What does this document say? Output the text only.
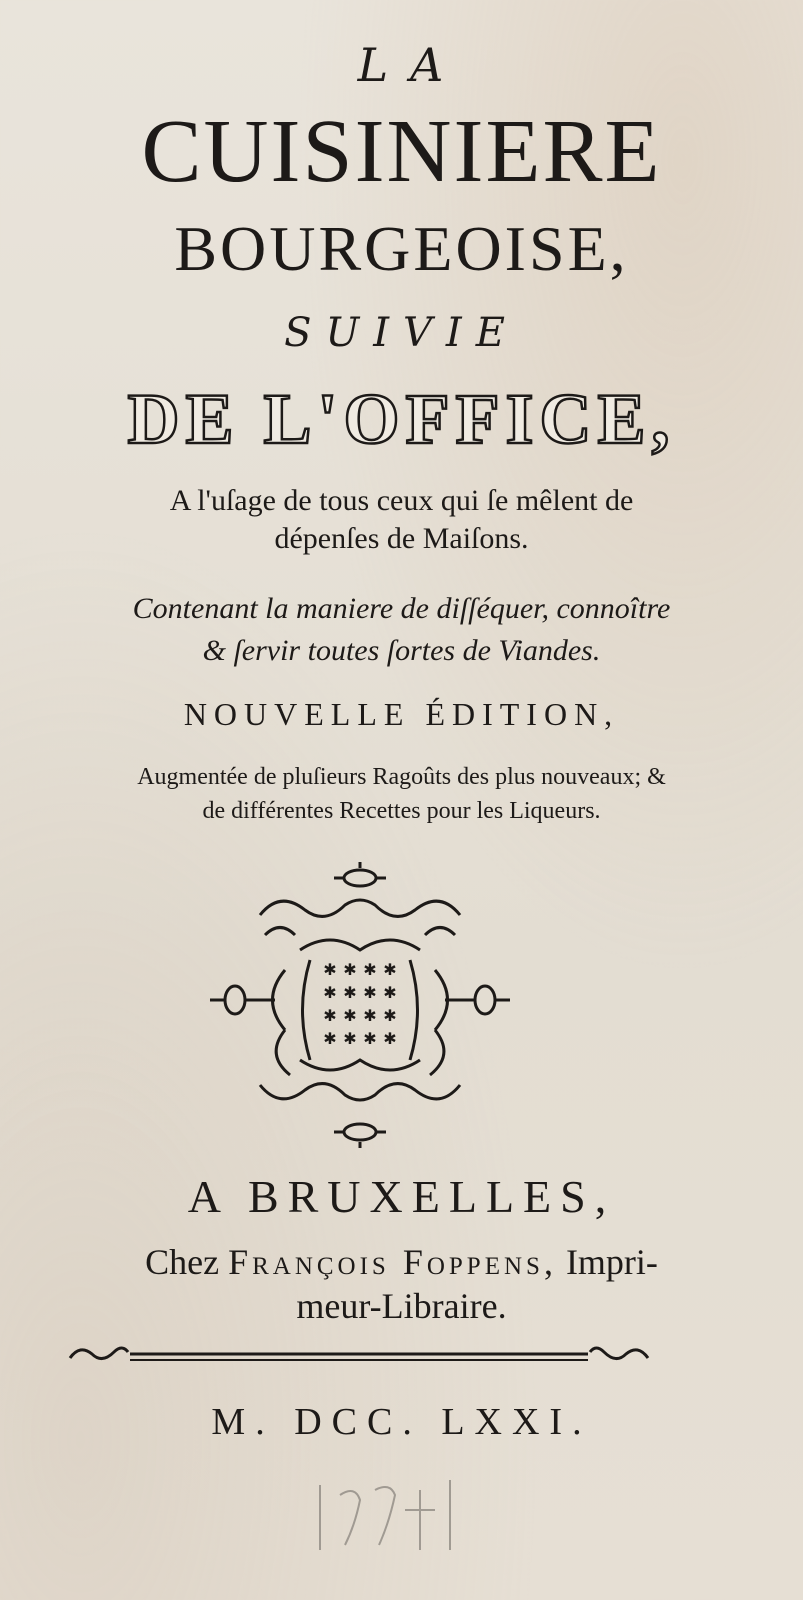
LA
CUISINIERE
BOURGEOISE,
SUIVIE
DE L'OFFICE,
A l'uſage de tous ceux qui ſe mêlent de
dépenſes de Maiſons.
Contenant la maniere de diſſéquer, connoître
& ſervir toutes ſortes de Viandes.
NOUVELLE ÉDITION,
Augmentée de pluſieurs Ragoûts des plus nouveaux; &
de différentes Recettes pour les Liqueurs.
✱ ✱ ✱ ✱
✱ ✱ ✱ ✱
✱ ✱ ✱ ✱
✱ ✱ ✱ ✱
A BRUXELLES,
Chez François Foppens, Impri-
meur-Libraire.
M. DCC. LXXI.
